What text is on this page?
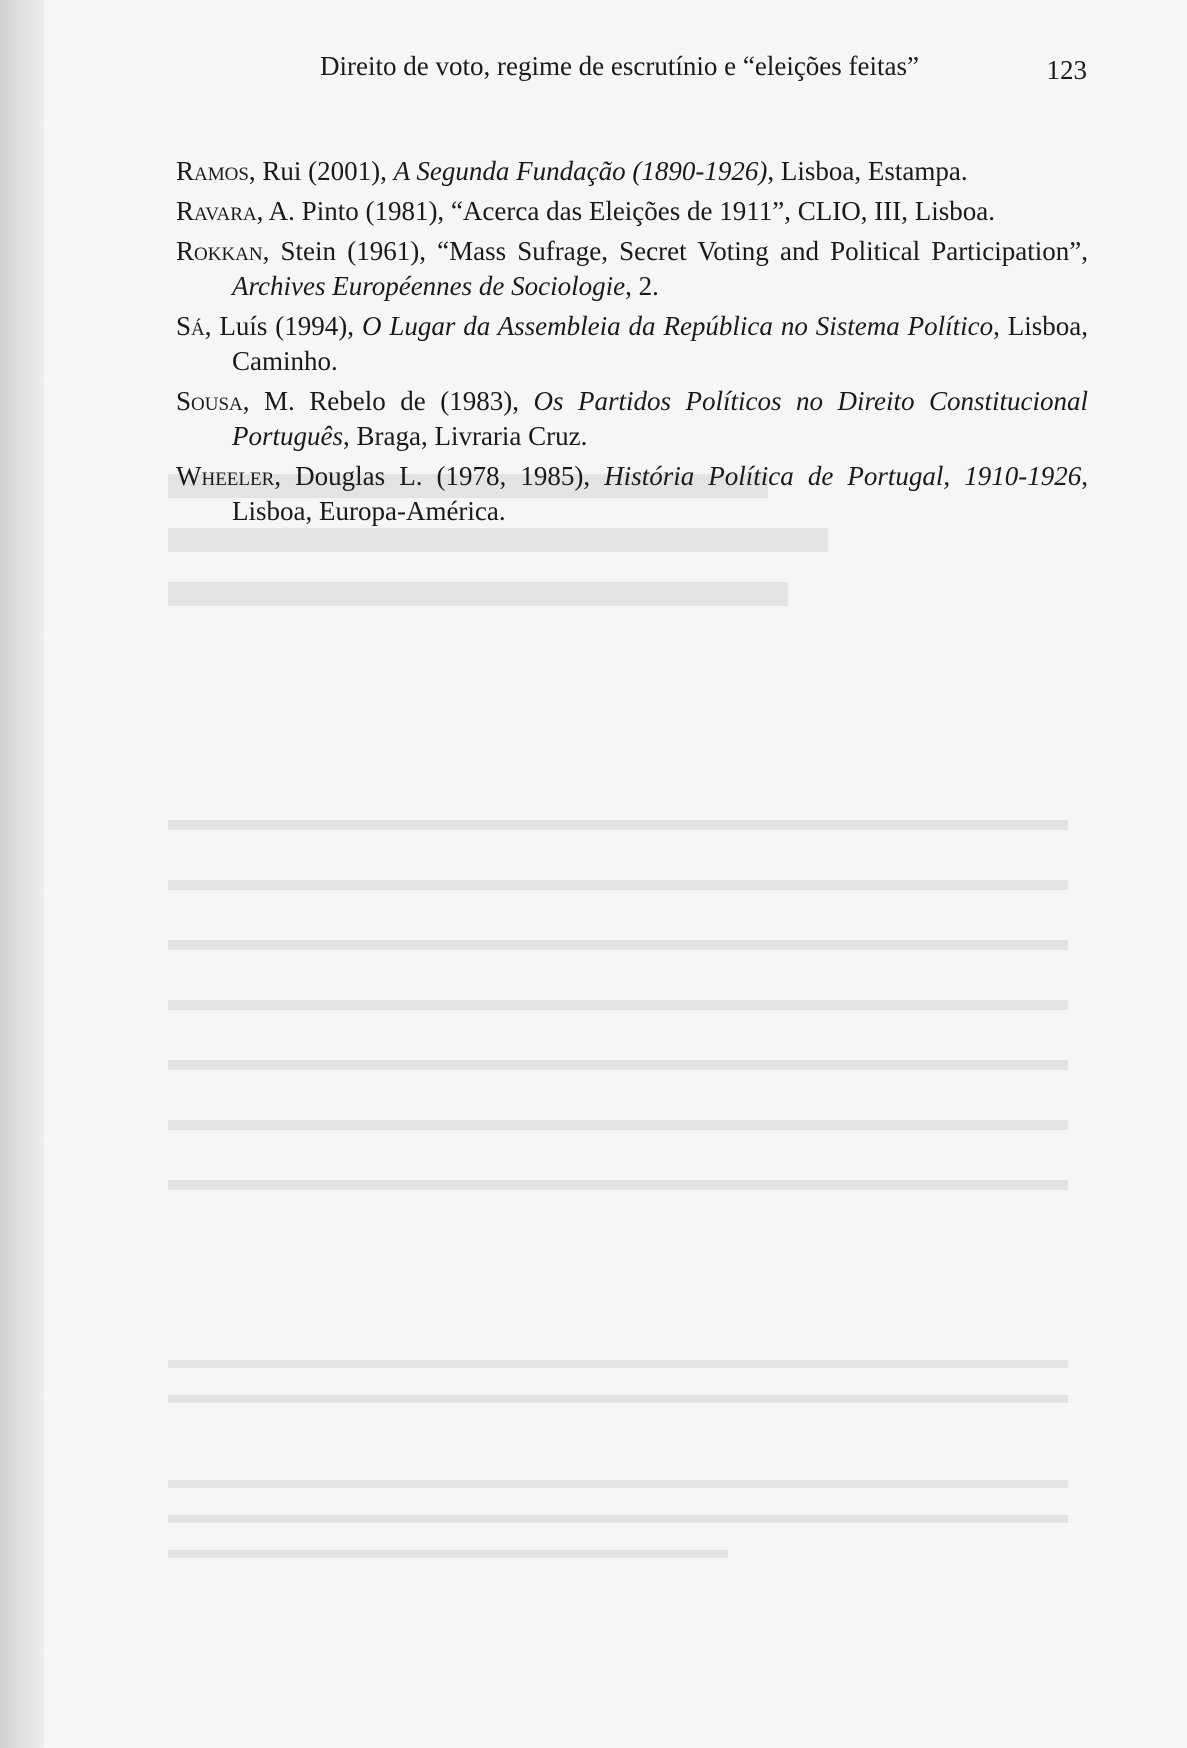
Direito de voto, regime de escrutínio e “eleições feitas”	123

Ramos, Rui (2001), A Segunda Fundação (1890-1926), Lisboa, Estampa.

Ravara, A. Pinto (1981), “Acerca das Eleições de 1911”, CLIO, III, Lisboa.

Rokkan, Stein (1961), “Mass Sufrage, Secret Voting and Political Participation”, Archives Européennes de Sociologie, 2.

Sá, Luís (1994), O Lugar da Assembleia da República no Sistema Político, Lisboa, Caminho.

Sousa, M. Rebelo de (1983), Os Partidos Políticos no Direito Constitucional Português, Braga, Livraria Cruz.

Wheeler, Douglas L. (1978, 1985), História Política de Portugal, 1910-1926, Lisboa, Europa-América.
